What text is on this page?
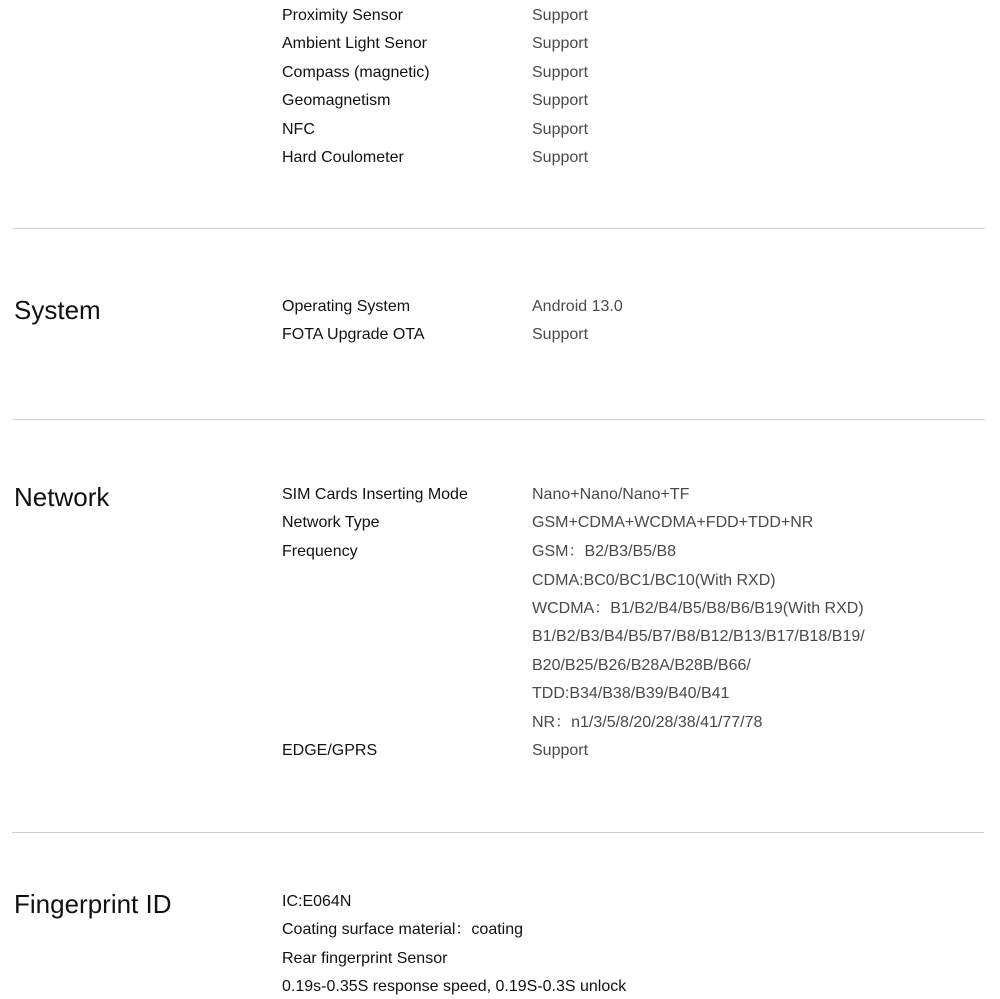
Proximity Sensor	Support
Ambient Light Senor	Support
Compass (magnetic)	Support
Geomagnetism	Support
NFC	Support
Hard Coulometer	Support
System	Operating System	Android 13.0
FOTA Upgrade OTA	Support
Network	SIM Cards Inserting Mode	Nano+Nano/Nano+TF
Network Type	GSM+CDMA+WCDMA+FDD+TDD+NR
Frequency	GSM：B2/B3/B5/B8
CDMA:BC0/BC1/BC10(With RXD)
WCDMA：B1/B2/B4/B5/B8/B6/B19(With RXD)
B1/B2/B3/B4/B5/B7/B8/B12/B13/B17/B18/B19/
B20/B25/B26/B28A/B28B/B66/
TDD:B34/B38/B39/B40/B41
NR：n1/3/5/8/20/28/38/41/77/78
EDGE/GPRS	Support
Fingerprint ID	IC:E064N
Coating surface material：coating
Rear fingerprint Sensor
0.19s-0.35S response speed, 0.19S-0.3S unlock
